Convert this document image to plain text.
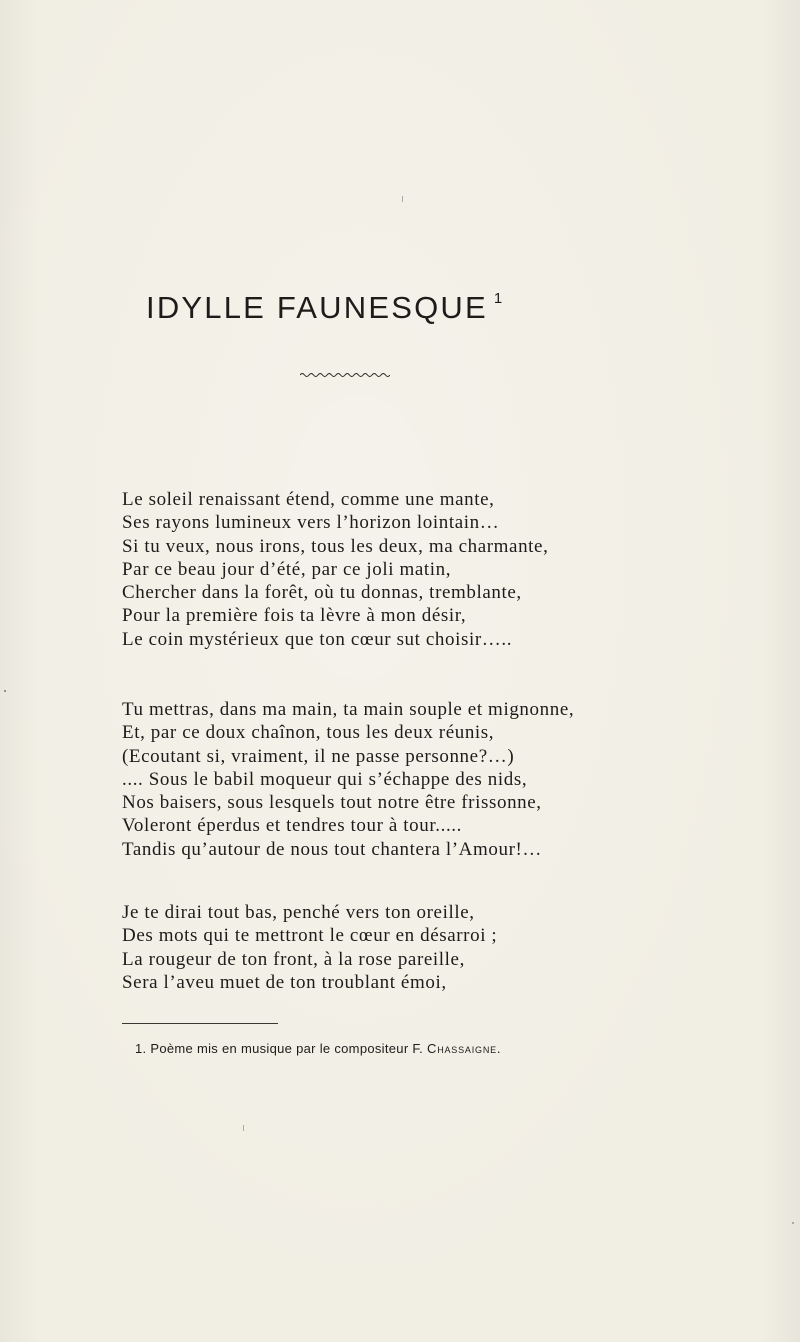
IDYLLE FAUNESQUE $^1$
Le soleil renaissant étend, comme une mante,
Ses rayons lumineux vers l’horizon lointain…
Si tu veux, nous irons, tous les deux, ma charmante,
Par ce beau jour d’été, par ce joli matin,
Chercher dans la forêt, où tu donnas, tremblante,
Pour la première fois ta lèvre à mon désir,
Le coin mystérieux que ton cœur sut choisir…..
Tu mettras, dans ma main, ta main souple et mignonne,
Et, par ce doux chaînon, tous les deux réunis,
(Ecoutant si, vraiment, il ne passe personne?…)
.... Sous le babil moqueur qui s’échappe des nids,
Nos baisers, sous lesquels tout notre être frissonne,
Voleront éperdus et tendres tour à tour.....
Tandis qu’autour de nous tout chantera l’Amour!…
Je te dirai tout bas, penché vers ton oreille,
Des mots qui te mettront le cœur en désarroi ;
La rougeur de ton front, à la rose pareille,
Sera l’aveu muet de ton troublant émoi,
1. Poème mis en musique par le compositeur F. Chassaigne.
